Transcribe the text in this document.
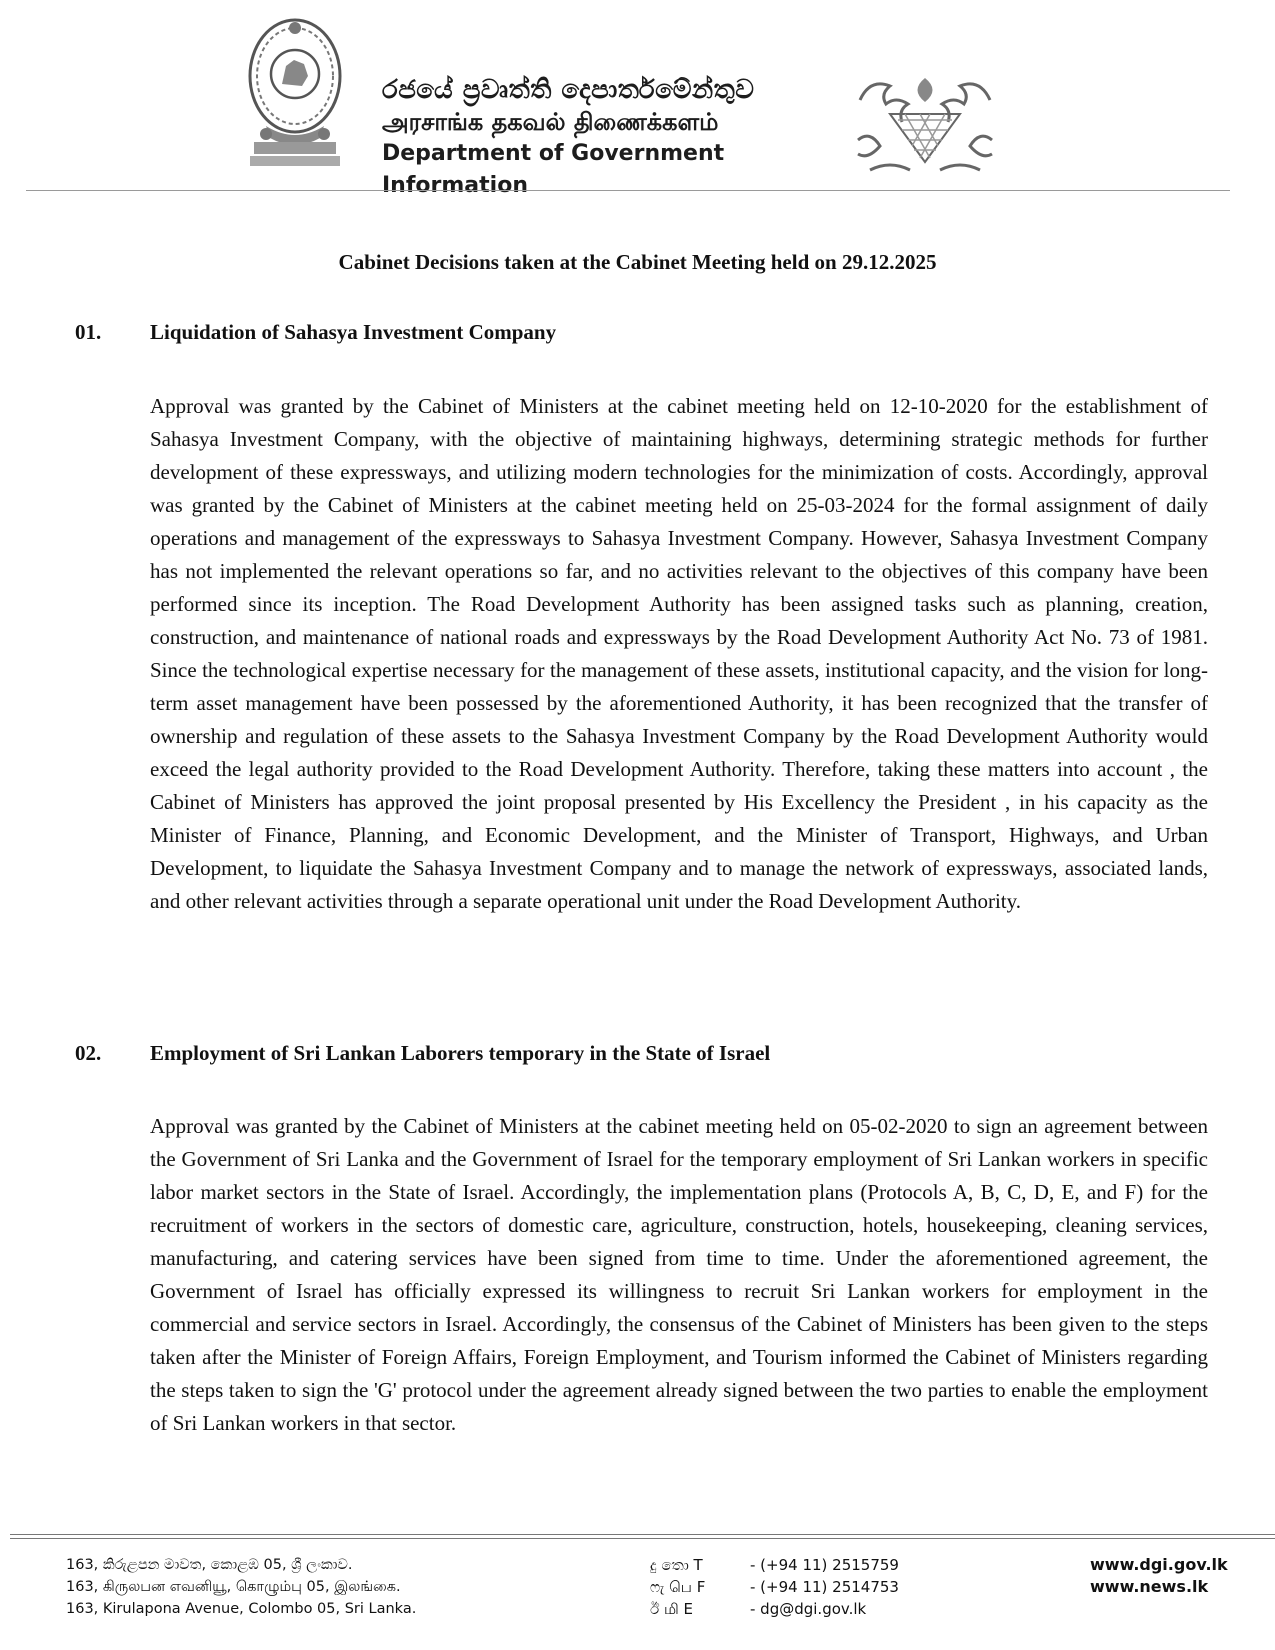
රජයේ ප්‍රවෘත්ති දෙපාර්තමේන්තුව
அரசாங்க தகவல் திணைக்களம்
Department of Government Information
Cabinet Decisions taken at the Cabinet Meeting held on 29.12.2025
01. Liquidation of Sahasya Investment Company

Approval was granted by the Cabinet of Ministers at the cabinet meeting held on 12-10-2020 for the establishment of Sahasya Investment Company, with the objective of maintaining highways, determining strategic methods for further development of these expressways, and utilizing modern technologies for the minimization of costs. Accordingly, approval was granted by the Cabinet of Ministers at the cabinet meeting held on 25-03-2024 for the formal assignment of daily operations and management of the expressways to Sahasya Investment Company. However, Sahasya Investment Company has not implemented the relevant operations so far, and no activities relevant to the objectives of this company have been performed since its inception. The Road Development Authority has been assigned tasks such as planning, creation, construction, and maintenance of national roads and expressways by the Road Development Authority Act No. 73 of 1981. Since the technological expertise necessary for the management of these assets, institutional capacity, and the vision for long-term asset management have been possessed by the aforementioned Authority, it has been recognized that the transfer of ownership and regulation of these assets to the Sahasya Investment Company by the Road Development Authority would exceed the legal authority provided to the Road Development Authority. Therefore, taking these matters into account , the Cabinet of Ministers has approved the joint proposal presented by His Excellency the President , in his capacity as the Minister of Finance, Planning, and Economic Development, and the Minister of Transport, Highways, and Urban Development, to liquidate the Sahasya Investment Company and to manage the network of expressways, associated lands, and other relevant activities through a separate operational unit under the Road Development Authority.

02. Employment of Sri Lankan Laborers temporary in the State of Israel

Approval was granted by the Cabinet of Ministers at the cabinet meeting held on 05-02-2020 to sign an agreement between the Government of Sri Lanka and the Government of Israel for the temporary employment of Sri Lankan workers in specific labor market sectors in the State of Israel. Accordingly, the implementation plans (Protocols A, B, C, D, E, and F) for the recruitment of workers in the sectors of domestic care, agriculture, construction, hotels, housekeeping, cleaning services, manufacturing, and catering services have been signed from time to time. Under the aforementioned agreement, the Government of Israel has officially expressed its willingness to recruit Sri Lankan workers for employment in the commercial and service sectors in Israel. Accordingly, the consensus of the Cabinet of Ministers has been given to the steps taken after the Minister of Foreign Affairs, Foreign Employment, and Tourism informed the Cabinet of Ministers regarding the steps taken to sign the 'G' protocol under the agreement already signed between the two parties to enable the employment of Sri Lankan workers in that sector.

163, කිරුළපන මාවත, කොළඹ 05, ශ්‍රී ලංකාව.
163, கிருலபன எவனியூ, கொழும்பு 05, இலங்கை.
163, Kirulapona Avenue, Colombo 05, Sri Lanka.
දු තො T	- (+94 11) 2515759
ෆැ பெ F	- (+94 11) 2514753
ඊ மி E	- dg@dgi.gov.lk
www.dgi.gov.lk
www.news.lk
